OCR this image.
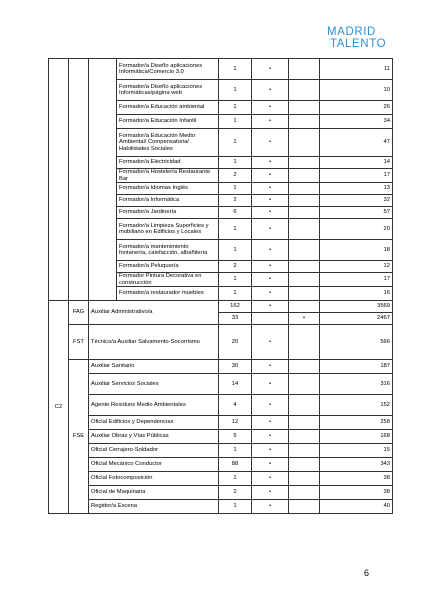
MADRID
TALENTO
			Formador/a Diseño aplicaciones Informática/Comercio 3.0	1	•		11
			Formador/a Diseño aplicaciones Informáticas/página web	1	•		10
			Formador/a Educación ambiental	1	•		26
			Formador/a Educación Infantil	1	•		34
			Formador/a Educación Medio Ambiental/ Compensatoria/ Habilidades Sociales	1	•		47
			Formador/a Electricidad	1	•		14
			Formador/a Hostelería Restaurante Bar	2	•		17
			Formador/a Idiomas Inglés	1	•		13
			Formador/a Informática	2	•		32
			Formador/a Jardinería	6	•		57
			Formador/a Limpieza Superficies y mobiliario en Edificios y Locales	1	•		20
			Formador/a mantenimiento fontanería, calefacción, albañilería	1	•		18
			Formador/a Peluquería	2	•		12
			Formador Pintura Decorativa en construcción	1	•		17
			Formador/a restaurador muebles	1	•		16
C2	FAG	Auxiliar Administrativo/a		162	•		3569
				33		•	2467
	FST	Técnico/a Auxiliar Salvamento-Socorrismo		20	•		566
	FSE	Auxiliar Sanitario		30	•		187
		Auxiliar Servicios Sociales		14	•		316
		Agente Residuos Medio Ambientales		4	•		152
		Oficial Edificios y Dependencias		12	•		258
		Auxiliar Obras y Vías Públicas		5	•		168
		Oficial Cerrajero-Soldador		1	•		15
		Oficial Mecánico Conductor		88	•		343
		Oficial Fotocomposición		1	•		38
		Oficial de Maquinaria		2	•		38
		Regidor/a Escena		1	•		40
6
